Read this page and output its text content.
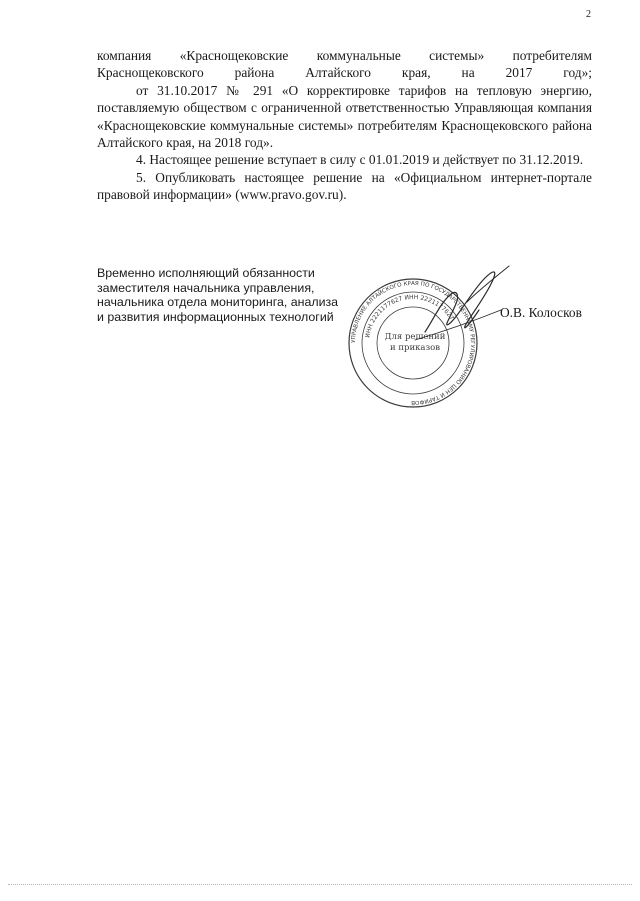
2

компания «Краснощековские коммунальные системы» потребителям Краснощековского района Алтайского края, на 2017 год»;

от 31.10.2017 № 291 «О корректировке тарифов на тепловую энергию, поставляемую обществом с ограниченной ответственностью Управляющая компания «Краснощековские коммунальные системы» потребителям Краснощековского района Алтайского края, на 2018 год».

4. Настоящее решение вступает в силу с 01.01.2019 и действует по 31.12.2019.

5. Опубликовать настоящее решение на «Официальном интернет-портале правовой информации» (www.pravo.gov.ru).

Временно исполняющий обязанности
заместителя начальника управления,
начальника отдела мониторинга, анализа
и развития информационных технологий
УПРАВЛЕНИЕ АЛТАЙСКОГО КРАЯ ПО ГОСУДАРСТВЕННОМУ РЕГУЛИРОВАНИЮ ЦЕН И ТАРИФОВ
ИНН 2221177627 ИНН 2221177627
Для решений
и приказов
О.В. Колосков
